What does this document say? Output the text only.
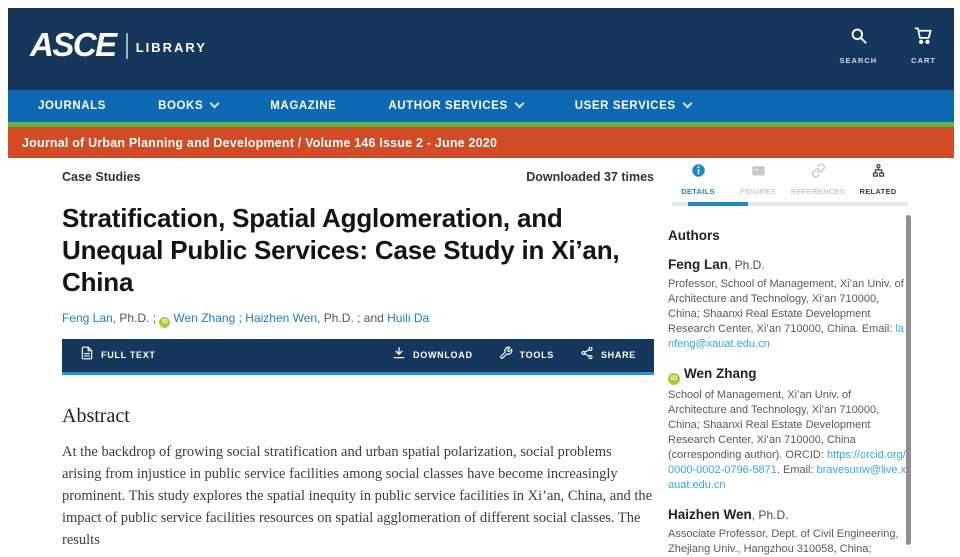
ASCE LIBRARY
SEARCH	CART
JOURNALS	BOOKS	MAGAZINE	AUTHOR SERVICES	USER SERVICES
Journal of Urban Planning and Development / Volume 146 Issue 2 - June 2020
Case Studies	Downloaded 37 times
Stratification, Spatial Agglomeration, and Unequal Public Services: Case Study in Xi’an, China
Feng Lan, Ph.D. ; iD Wen Zhang ; Haizhen Wen, Ph.D. ; and Huili Da
FULL TEXT	DOWNLOAD	TOOLS	SHARE
Abstract
At the backdrop of growing social stratification and urban spatial polarization, social problems arising from injustice in public service facilities among social classes have become increasingly prominent. This study explores the spatial inequity in public service facilities in Xi’an, China, and the impact of public service facilities resources on spatial agglomeration of different social classes. The results
DETAILS	FIGURES REFERENCES RELATED
Authors
Feng Lan, Ph.D.
Professor, School of Management, Xi’an Univ. of Architecture and Technology, Xi’an 710000, China; Shaanxi Real Estate Development Research Center, Xi’an 710000, China. Email: lanfeng@xauat.edu.cn
iD Wen Zhang
School of Management, Xi’an Univ. of Architecture and Technology, Xi’an 710000, China; Shaanxi Real Estate Development Research Center, Xi’an 710000, China (corresponding author). ORCID: https://orcid.org/0000-0002-0796-5871. Email: bravesunw@live.xauat.edu.cn
Haizhen Wen, Ph.D.
Associate Professor, Dept. of Civil Engineering, Zhejiang Univ., Hangzhou 310058, China;
